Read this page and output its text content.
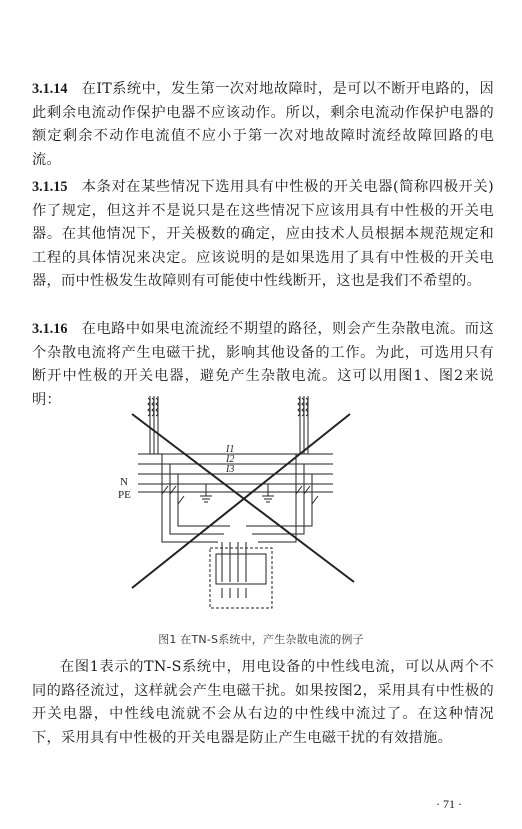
3.1.14 在IT系统中，发生第一次对地故障时，是可以不断开电路的，因此剩余电流动作保护电器不应该动作。所以，剩余电流动作保护电器的额定剩余不动作电流值不应小于第一次对地故障时流经故障回路的电流。

3.1.15 本条对在某些情况下选用具有中性极的开关电器(简称四极开关)作了规定，但这并不是说只是在这些情况下应该用具有中性极的开关电器。在其他情况下，开关极数的确定，应由技术人员根据本规范规定和工程的具体情况来决定。应该说明的是如果选用了具有中性极的开关电器，而中性极发生故障则有可能使中性线断开，这也是我们不希望的。

3.1.16 在电路中如果电流流经不期望的路径，则会产生杂散电流。而这个杂散电流将产生电磁干扰，影响其他设备的工作。为此，可选用只有断开中性极的开关电器，避免产生杂散电流。这可以用图1、图2来说明：

N
PE
I1
I2
I3
图1 在TN-S系统中，产生杂散电流的例子

在图1表示的TN-S系统中，用电设备的中性线电流，可以从两个不同的路径流过，这样就会产生电磁干扰。如果按图2，采用具有中性极的开关电器，中性线电流就不会从右边的中性线中流过了。在这种情况下，采用具有中性极的开关电器是防止产生电磁干扰的有效措施。

· 71 ·
